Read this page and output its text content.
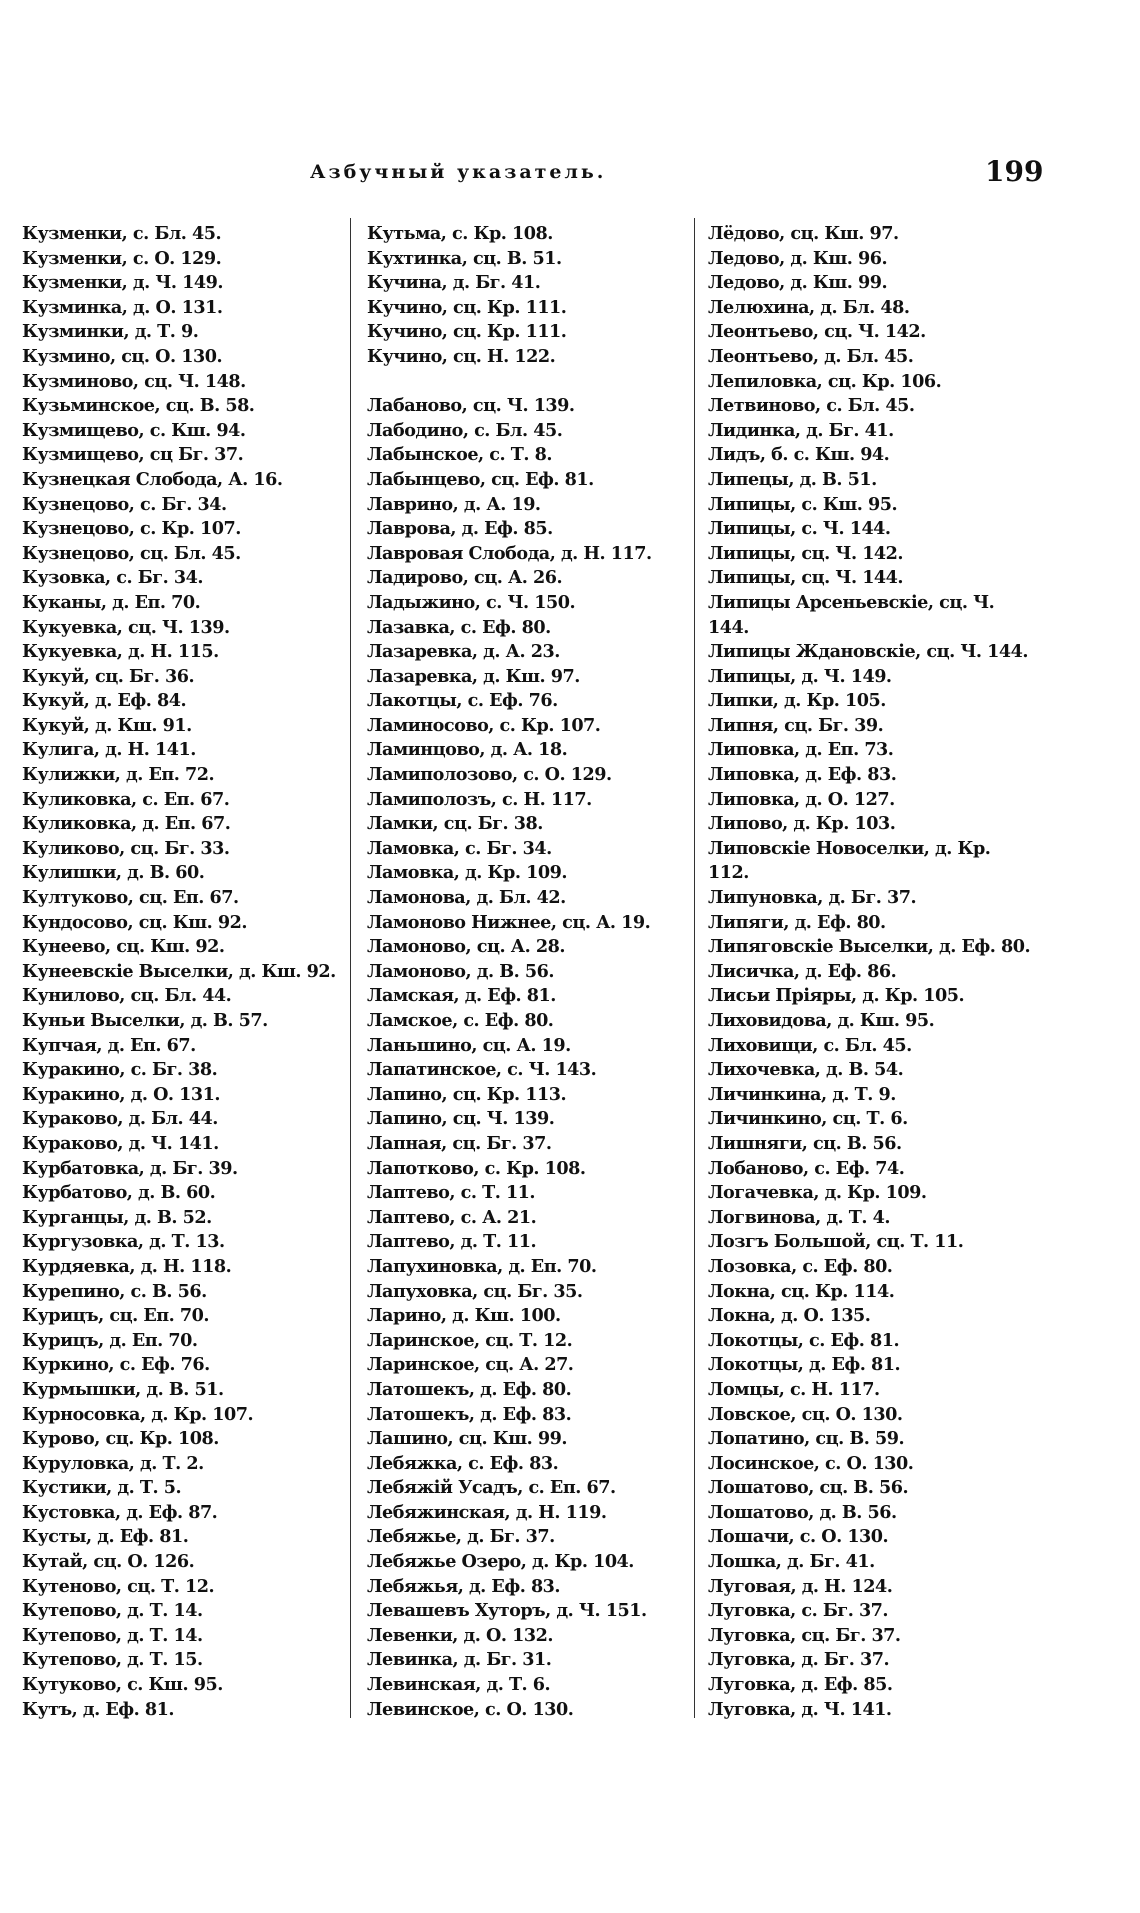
Азбучный указатель.	199
Кузменки, с. Бл. 45.
Кузменки, с. О. 129.
Кузменки, д. Ч. 149.
Кузминка, д. О. 131.
Кузминки, д. Т. 9.
Кузмино, сц. О. 130.
Кузминово, сц. Ч. 148.
Кузьминское, сц. В. 58.
Кузмищево, с. Кш. 94.
Кузмищево, сц Бг. 37.
Кузнецкая Слобода, А. 16.
Кузнецово, с. Бг. 34.
Кузнецово, с. Кр. 107.
Кузнецово, сц. Бл. 45.
Кузовка, с. Бг. 34.
Куканы, д. Еп. 70.
Кукуевка, сц. Ч. 139.
Кукуевка, д. Н. 115.
Кукуй, сц. Бг. 36.
Кукуй, д. Еф. 84.
Кукуй, д. Кш. 91.
Кулига, д. Н. 141.
Кулижки, д. Еп. 72.
Куликовка, с. Еп. 67.
Куликовка, д. Еп. 67.
Куликово, сц. Бг. 33.
Кулишки, д. В. 60.
Култуково, сц. Еп. 67.
Кундосово, сц. Кш. 92.
Кунеево, сц. Кш. 92.
Кунеевскіе Выселки, д. Кш. 92.
Кунилово, сц. Бл. 44.
Куньи Выселки, д. В. 57.
Купчая, д. Еп. 67.
Куракино, с. Бг. 38.
Куракино, д. О. 131.
Кураково, д. Бл. 44.
Кураково, д. Ч. 141.
Курбатовка, д. Бг. 39.
Курбатово, д. В. 60.
Курганцы, д. В. 52.
Кургузовка, д. Т. 13.
Курдяевка, д. Н. 118.
Курепино, с. В. 56.
Курицъ, сц. Еп. 70.
Курицъ, д. Еп. 70.
Куркино, с. Еф. 76.
Курмышки, д. В. 51.
Курносовка, д. Кр. 107.
Курово, сц. Кр. 108.
Куруловка, д. Т. 2.
Кустики, д. Т. 5.
Кустовка, д. Еф. 87.
Кусты, д. Еф. 81.
Кутай, сц. О. 126.
Кутеново, сц. Т. 12.
Кутепово, д. Т. 14.
Кутепово, д. Т. 14.
Кутепово, д. Т. 15.
Кутуково, с. Кш. 95.
Кутъ, д. Еф. 81.
Кутьма, с. Кр. 108.
Кухтинка, сц. В. 51.
Кучина, д. Бг. 41.
Кучино, сц. Кр. 111.
Кучино, сц. Кр. 111.
Кучино, сц. Н. 122.
Лабаново, сц. Ч. 139.
Лабодино, с. Бл. 45.
Лабынское, с. Т. 8.
Лабынцево, сц. Еф. 81.
Лаврино, д. А. 19.
Лаврова, д. Еф. 85.
Лавровая Слобода, д. Н. 117.
Ладирово, сц. А. 26.
Ладыжино, с. Ч. 150.
Лазавка, с. Еф. 80.
Лазаревка, д. А. 23.
Лазаревка, д. Кш. 97.
Лакотцы, с. Еф. 76.
Ламиносово, с. Кр. 107.
Ламинцово, д. А. 18.
Ламиполозово, с. О. 129.
Ламиполозъ, с. Н. 117.
Ламки, сц. Бг. 38.
Ламовка, с. Бг. 34.
Ламовка, д. Кр. 109.
Ламонова, д. Бл. 42.
Ламоново Нижнее, сц. А. 19.
Ламоново, сц. А. 28.
Ламоново, д. В. 56.
Ламская, д. Еф. 81.
Ламское, с. Еф. 80.
Ланьшино, сц. А. 19.
Лапатинское, с. Ч. 143.
Лапино, сц. Кр. 113.
Лапино, сц. Ч. 139.
Лапная, сц. Бг. 37.
Лапотково, с. Кр. 108.
Лаптево, с. Т. 11.
Лаптево, с. А. 21.
Лаптево, д. Т. 11.
Лапухиновка, д. Еп. 70.
Лапуховка, сц. Бг. 35.
Ларино, д. Кш. 100.
Ларинское, сц. Т. 12.
Ларинское, сц. А. 27.
Латошекъ, д. Еф. 80.
Латошекъ, д. Еф. 83.
Лашино, сц. Кш. 99.
Лебяжка, с. Еф. 83.
Лебяжій Усадъ, с. Еп. 67.
Лебяжинская, д. Н. 119.
Лебяжье, д. Бг. 37.
Лебяжье Озеро, д. Кр. 104.
Лебяжья, д. Еф. 83.
Левашевъ Хуторъ, д. Ч. 151.
Левенки, д. О. 132.
Левинка, д. Бг. 31.
Левинская, д. Т. 6.
Левинское, с. О. 130.
Лёдово, сц. Кш. 97.
Ледово, д. Кш. 96.
Ледово, д. Кш. 99.
Лелюхина, д. Бл. 48.
Леонтьево, сц. Ч. 142.
Леонтьево, д. Бл. 45.
Лепиловка, сц. Кр. 106.
Летвиново, с. Бл. 45.
Лидинка, д. Бг. 41.
Лидъ, б. с. Кш. 94.
Липецы, д. В. 51.
Липицы, с. Кш. 95.
Липицы, с. Ч. 144.
Липицы, сц. Ч. 142.
Липицы, сц. Ч. 144.
Липицы Арсеньевскіе, сц. Ч.
144.
Липицы Ждановскіе, сц. Ч. 144.
Липицы, д. Ч. 149.
Липки, д. Кр. 105.
Липня, сц. Бг. 39.
Липовка, д. Еп. 73.
Липовка, д. Еф. 83.
Липовка, д. О. 127.
Липово, д. Кр. 103.
Липовскіе Новоселки, д. Кр.
112.
Липуновка, д. Бг. 37.
Липяги, д. Еф. 80.
Липяговскіе Выселки, д. Еф. 80.
Лисичка, д. Еф. 86.
Лисьи Пріяры, д. Кр. 105.
Лиховидова, д. Кш. 95.
Лиховищи, с. Бл. 45.
Лихочевка, д. В. 54.
Личинкина, д. Т. 9.
Личинкино, сц. Т. 6.
Лишняги, сц. В. 56.
Лобаново, с. Еф. 74.
Логачевка, д. Кр. 109.
Логвинова, д. Т. 4.
Лозгъ Большой, сц. Т. 11.
Лозовка, с. Еф. 80.
Локна, сц. Кр. 114.
Локна, д. О. 135.
Локотцы, с. Еф. 81.
Локотцы, д. Еф. 81.
Ломцы, с. Н. 117.
Ловское, сц. О. 130.
Лопатино, сц. В. 59.
Лосинское, с. О. 130.
Лошатово, сц. В. 56.
Лошатово, д. В. 56.
Лошачи, с. О. 130.
Лошка, д. Бг. 41.
Луговая, д. Н. 124.
Луговка, с. Бг. 37.
Луговка, сц. Бг. 37.
Луговка, д. Бг. 37.
Луговка, д. Еф. 85.
Луговка, д. Ч. 141.
